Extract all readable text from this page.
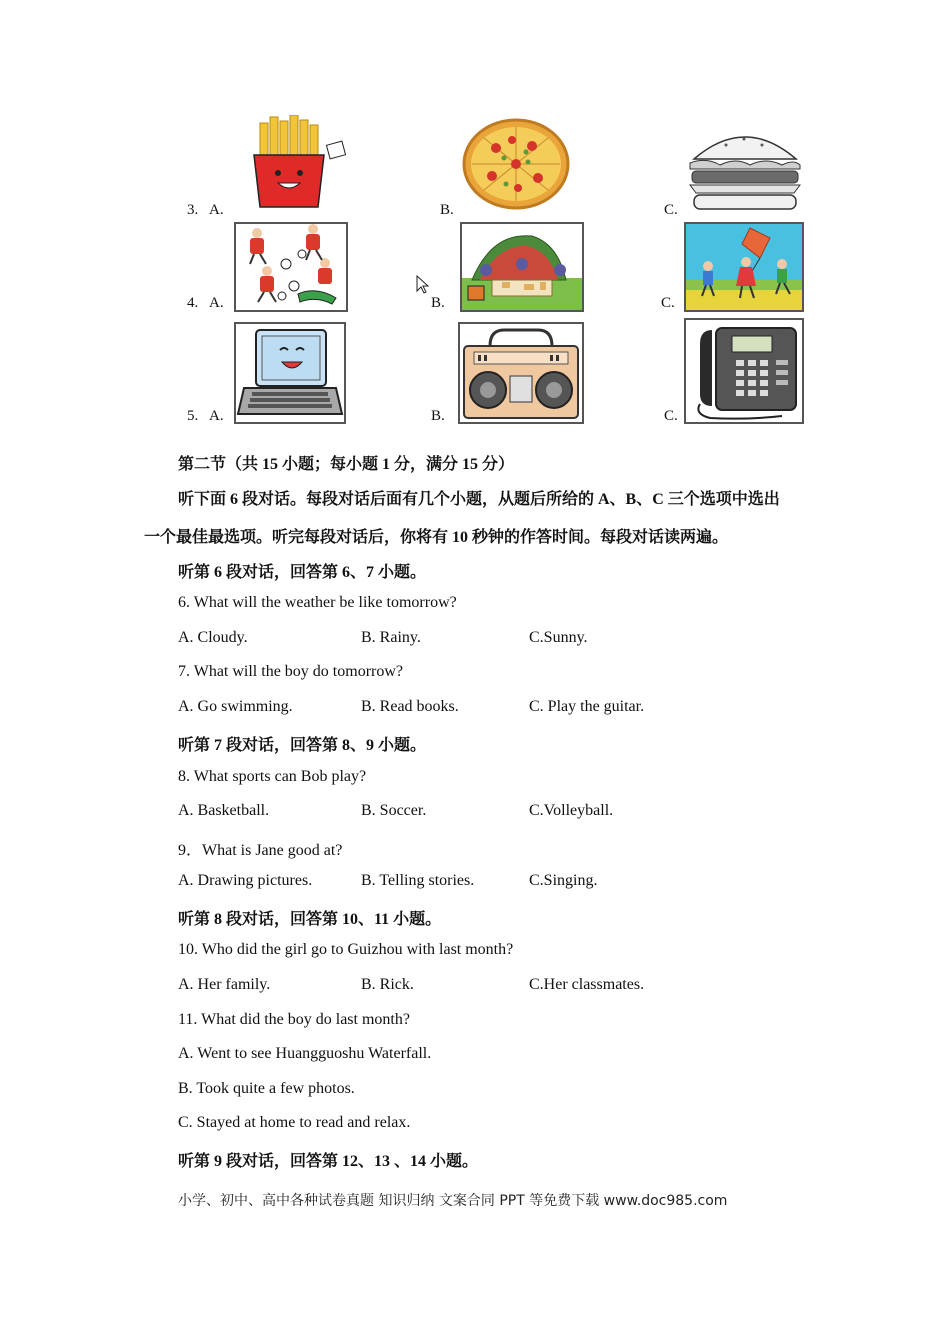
3. A.	B.	C.
4. A.	B.	C.
5. A.	B.	C.
第二节（共 15 小题；每小题 1 分，满分 15 分）
听下面 6 段对话。每段对话后面有几个小题，从题后所给的 A、B、C 三个选项中选出
一个最佳最选项。听完每段对话后，你将有 10 秒钟的作答时间。每段对话读两遍。
听第 6 段对话，回答第 6、7 小题。
6. What will the weather be like tomorrow?
A. Cloudy.	B. Rainy.	C.Sunny.
7. What will the boy do tomorrow?
A. Go swimming.	B. Read books.	C. Play the guitar.
听第 7 段对话，回答第 8、9 小题。
8. What sports can Bob play?
A. Basketball.	B. Soccer.	C.Volleyball.
9．What is Jane good at?
A. Drawing pictures.	B. Telling stories.	C.Singing.
听第 8 段对话，回答第 10、11 小题。
10. Who did the girl go to Guizhou with last month?
A. Her family.	B. Rick.	C.Her classmates.
11. What did the boy do last month?
A. Went to see Huangguoshu Waterfall.
B. Took quite a few photos.
C. Stayed at home to read and relax.
听第 9 段对话，回答第 12、13 、14 小题。
小学、初中、高中各种试卷真题 知识归纳 文案合同 PPT 等免费下载 www.doc985.com
